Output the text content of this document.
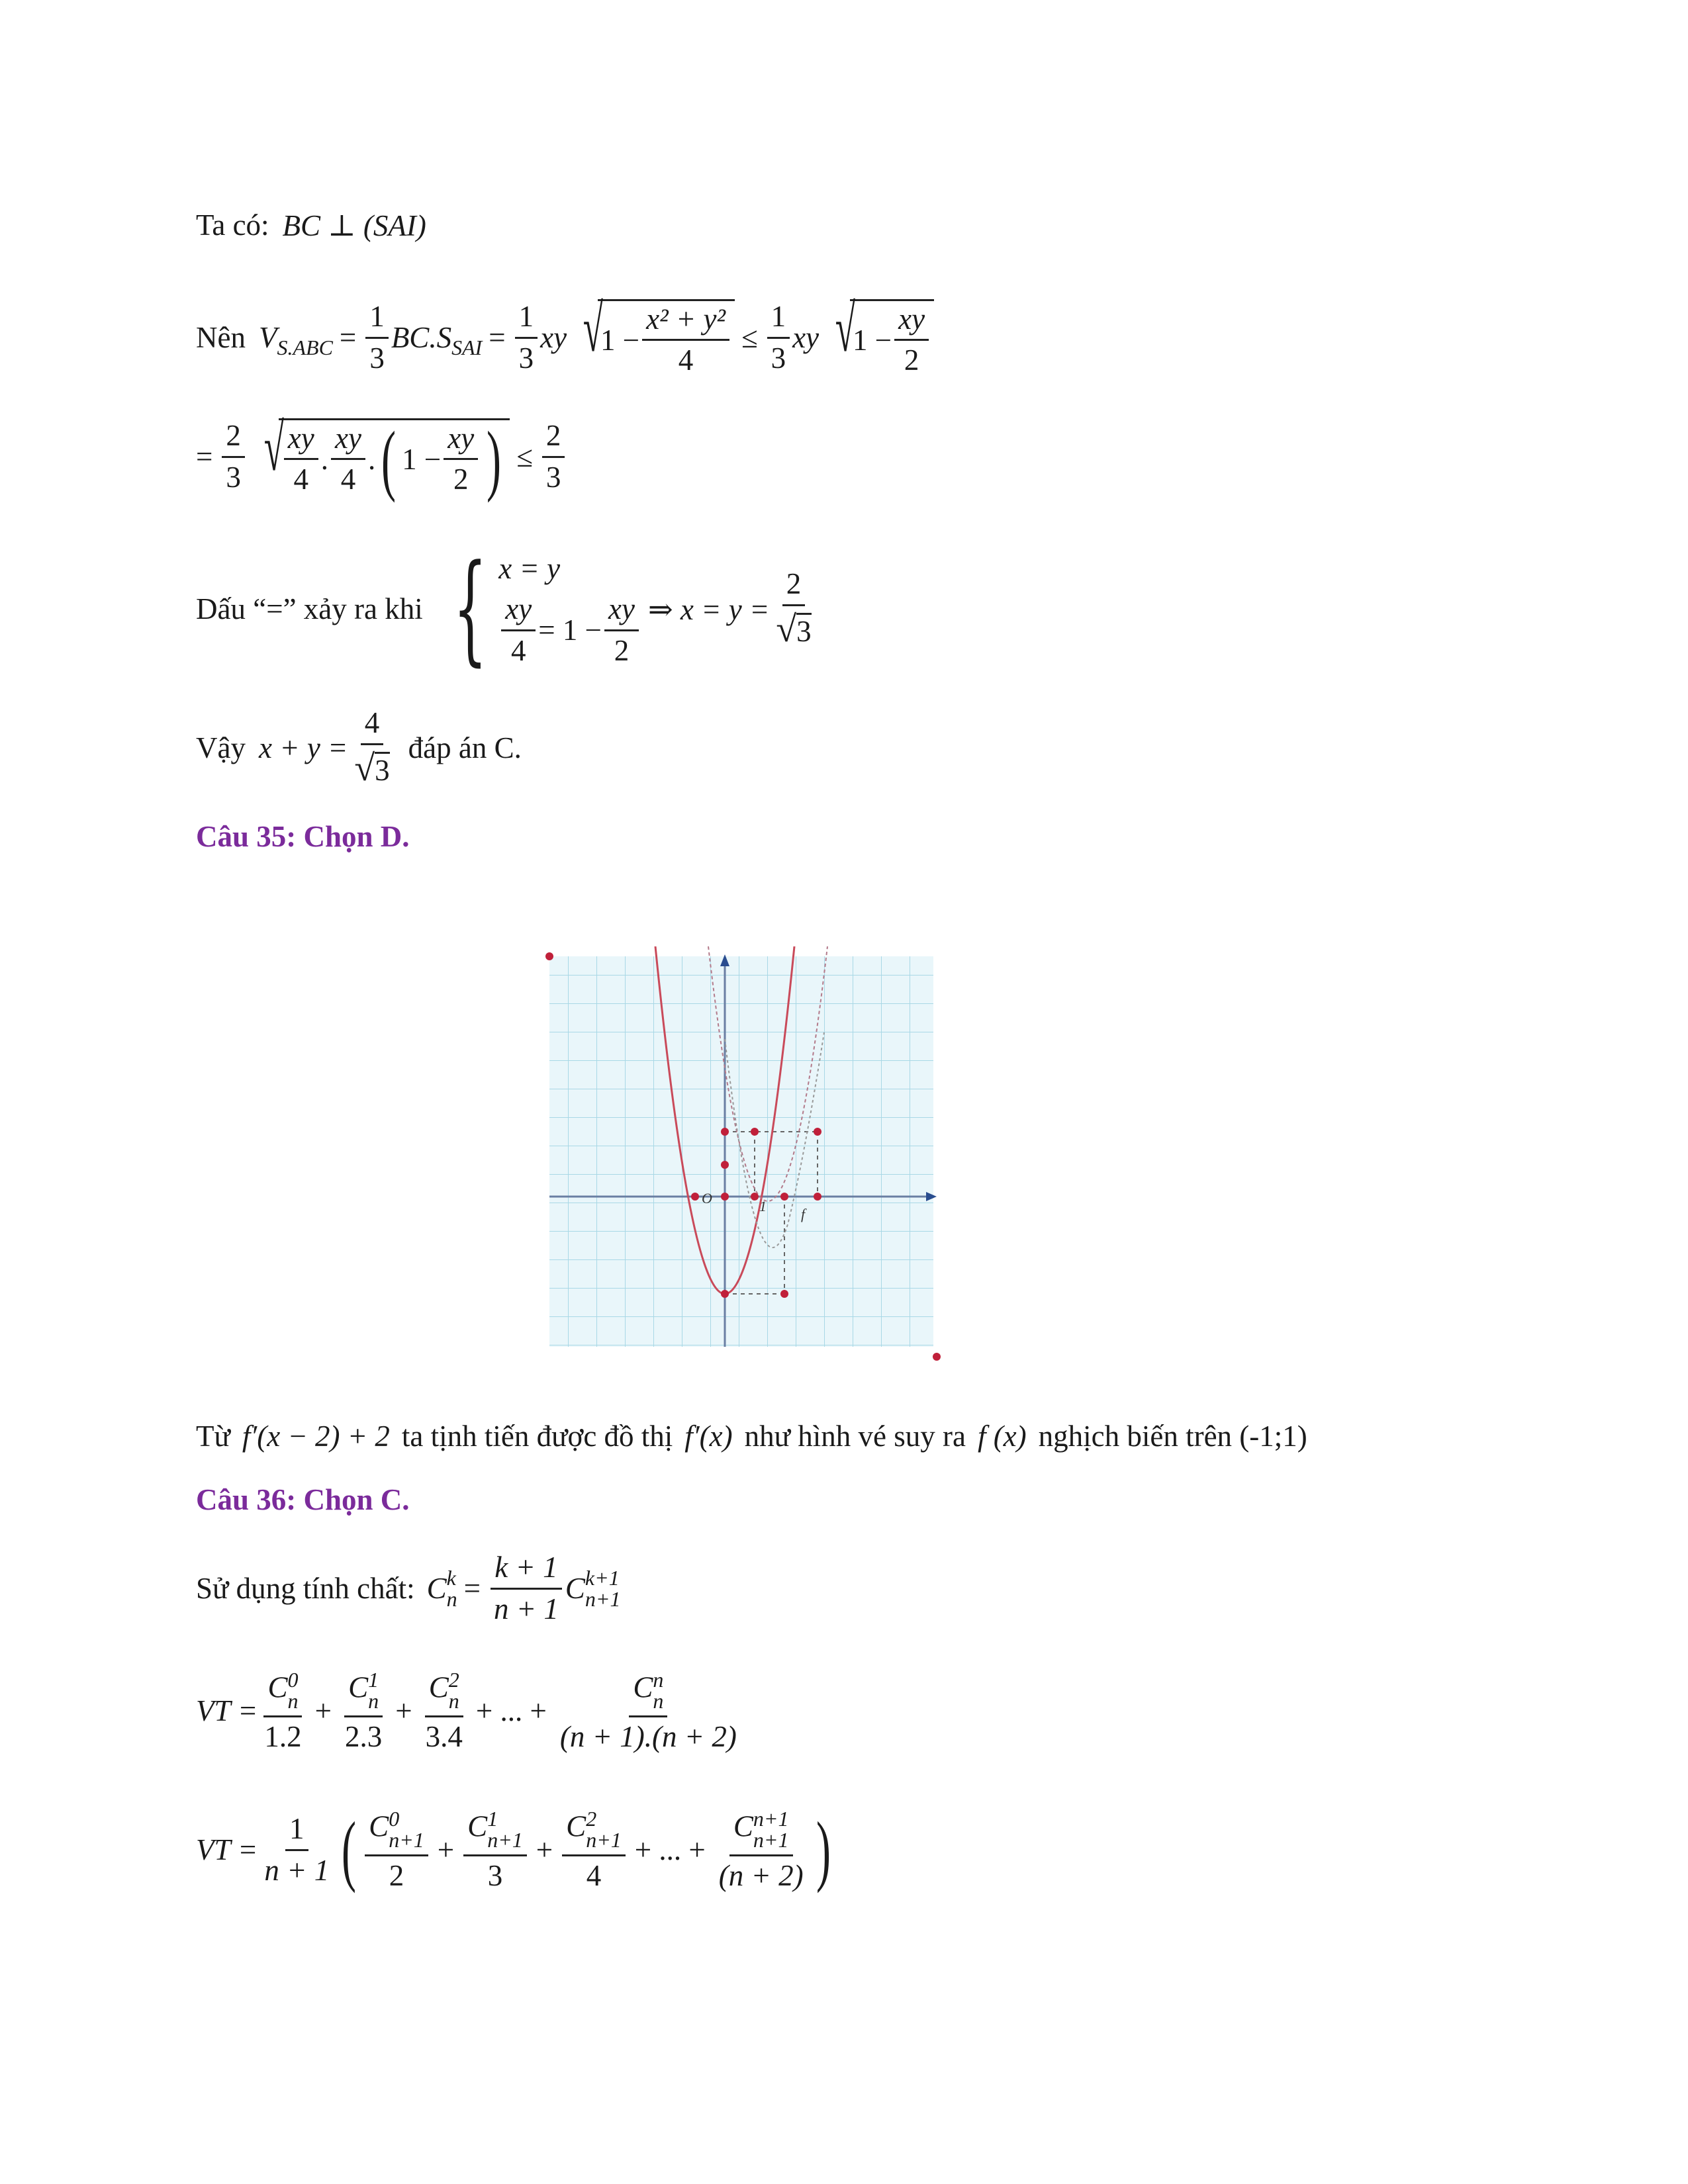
Ta có: BC ⊥ (SAI)
Nên $V_{S.ABC} = \frac{1}{3} BC.S_{SAI} = \frac{1}{3}$ xy √
$1 - \frac{\text{x² + y²}}{4} \le \frac{1}{3}$ xy √
$1 - \frac{xy}{2}$
= $\frac{2}{3}$ √ $\frac{xy}{4}$ . $\frac{xy}{4}$ . ( $1 - \frac{xy}{2}$ ) ≤ $\frac{2}{3}$
Dấu “=” xảy ra khi { x = y
$\frac{xy}{4} = 1 - \frac{xy}{2}$ ⇒ $x = y = \frac{2}{√3}$
Vậy $x + y = \frac{4}{√3}$ đáp án C.
Câu 35: Chọn D.
O	1 f
Từ f′(x − 2) + 2 ta tịnh tiến được đồ thị f′(x) như hình vé suy ra f (x) nghịch biến trên (-1;1)
Câu 36: Chọn C.
Sử dụng tính chất: C k
$n = \frac{k + 1}{n + 1}$ C k+1
n+1
VT = C 0
n
1.2 + C 1
n
2.3 + C 2
n
3.4 + ... + C n
n
(n + 1).(n + 2)
VT = $\frac{1}{n + 1}$ ( C 0
n+1
2 + C 1
n+1
3 + C 2
n+1
4 + ... + C n+1
n+1
(n + 2) )
